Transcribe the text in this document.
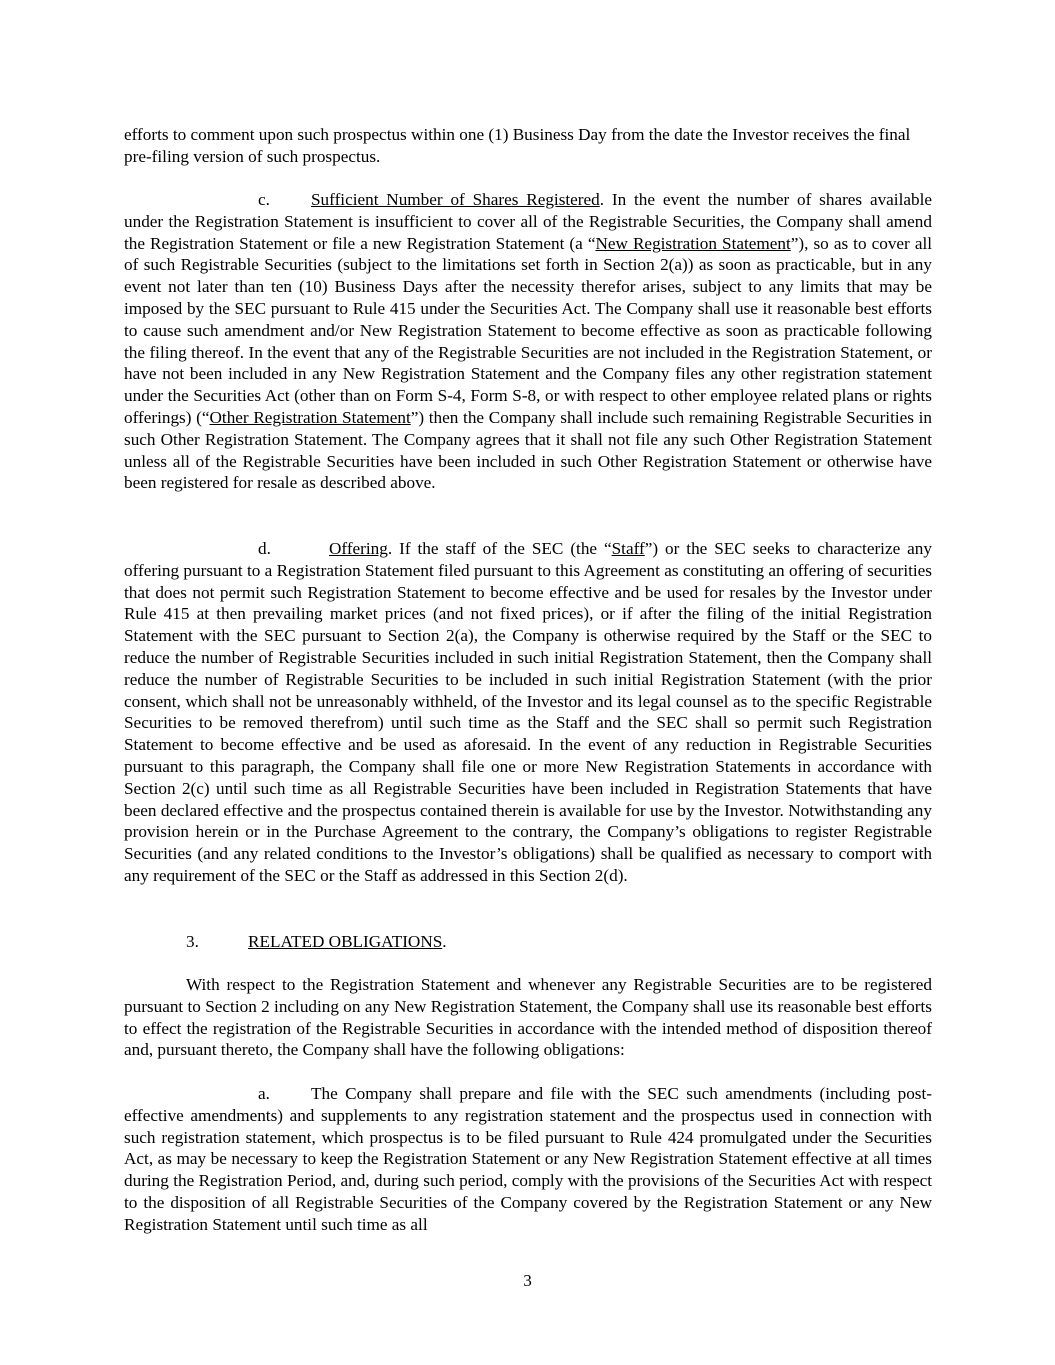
efforts to comment upon such prospectus within one (1) Business Day from the date the Investor receives the final pre-filing version of such prospectus.

c. Sufficient Number of Shares Registered. In the event the number of shares available under the Registration Statement is insufficient to cover all of the Registrable Securities, the Company shall amend the Registration Statement or file a new Registration Statement (a “New Registration Statement”), so as to cover all of such Registrable Securities (subject to the limitations set forth in Section 2(a)) as soon as practicable, but in any event not later than ten (10) Business Days after the necessity therefor arises, subject to any limits that may be imposed by the SEC pursuant to Rule 415 under the Securities Act. The Company shall use it reasonable best efforts to cause such amendment and/or New Registration Statement to become effective as soon as practicable following the filing thereof. In the event that any of the Registrable Securities are not included in the Registration Statement, or have not been included in any New Registration Statement and the Company files any other registration statement under the Securities Act (other than on Form S-4, Form S-8, or with respect to other employee related plans or rights offerings) (“Other Registration Statement”) then the Company shall include such remaining Registrable Securities in such Other Registration Statement. The Company agrees that it shall not file any such Other Registration Statement unless all of the Registrable Securities have been included in such Other Registration Statement or otherwise have been registered for resale as described above.

d.	Offering. If the staff of the SEC (the “Staff”) or the SEC seeks to characterize any offering pursuant to a Registration Statement filed pursuant to this Agreement as constituting an offering of securities that does not permit such Registration Statement to become effective and be used for resales by the Investor under Rule 415 at then prevailing market prices (and not fixed prices), or if after the filing of the initial Registration Statement with the SEC pursuant to Section 2(a), the Company is otherwise required by the Staff or the SEC to reduce the number of Registrable Securities included in such initial Registration Statement, then the Company shall reduce the number of Registrable Securities to be included in such initial Registration Statement (with the prior consent, which shall not be unreasonably withheld, of the Investor and its legal counsel as to the specific Registrable Securities to be removed therefrom) until such time as the Staff and the SEC shall so permit such Registration Statement to become effective and be used as aforesaid. In the event of any reduction in Registrable Securities pursuant to this paragraph, the Company shall file one or more New Registration Statements in accordance with Section 2(c) until such time as all Registrable Securities have been included in Registration Statements that have been declared effective and the prospectus contained therein is available for use by the Investor. Notwithstanding any provision herein or in the Purchase Agreement to the contrary, the Company’s obligations to register Registrable Securities (and any related conditions to the Investor’s obligations) shall be qualified as necessary to comport with any requirement of the SEC or the Staff as addressed in this Section 2(d).

3.	RELATED OBLIGATIONS.

With respect to the Registration Statement and whenever any Registrable Securities are to be registered pursuant to Section 2 including on any New Registration Statement, the Company shall use its reasonable best efforts to effect the registration of the Registrable Securities in accordance with the intended method of disposition thereof and, pursuant thereto, the Company shall have the following obligations:

a. The Company shall prepare and file with the SEC such amendments (including post-effective amendments) and supplements to any registration statement and the prospectus used in connection with such registration statement, which prospectus is to be filed pursuant to Rule 424 promulgated under the Securities Act, as may be necessary to keep the Registration Statement or any New Registration Statement effective at all times during the Registration Period, and, during such period, comply with the provisions of the Securities Act with respect to the disposition of all Registrable Securities of the Company covered by the Registration Statement or any New Registration Statement until such time as all

3
